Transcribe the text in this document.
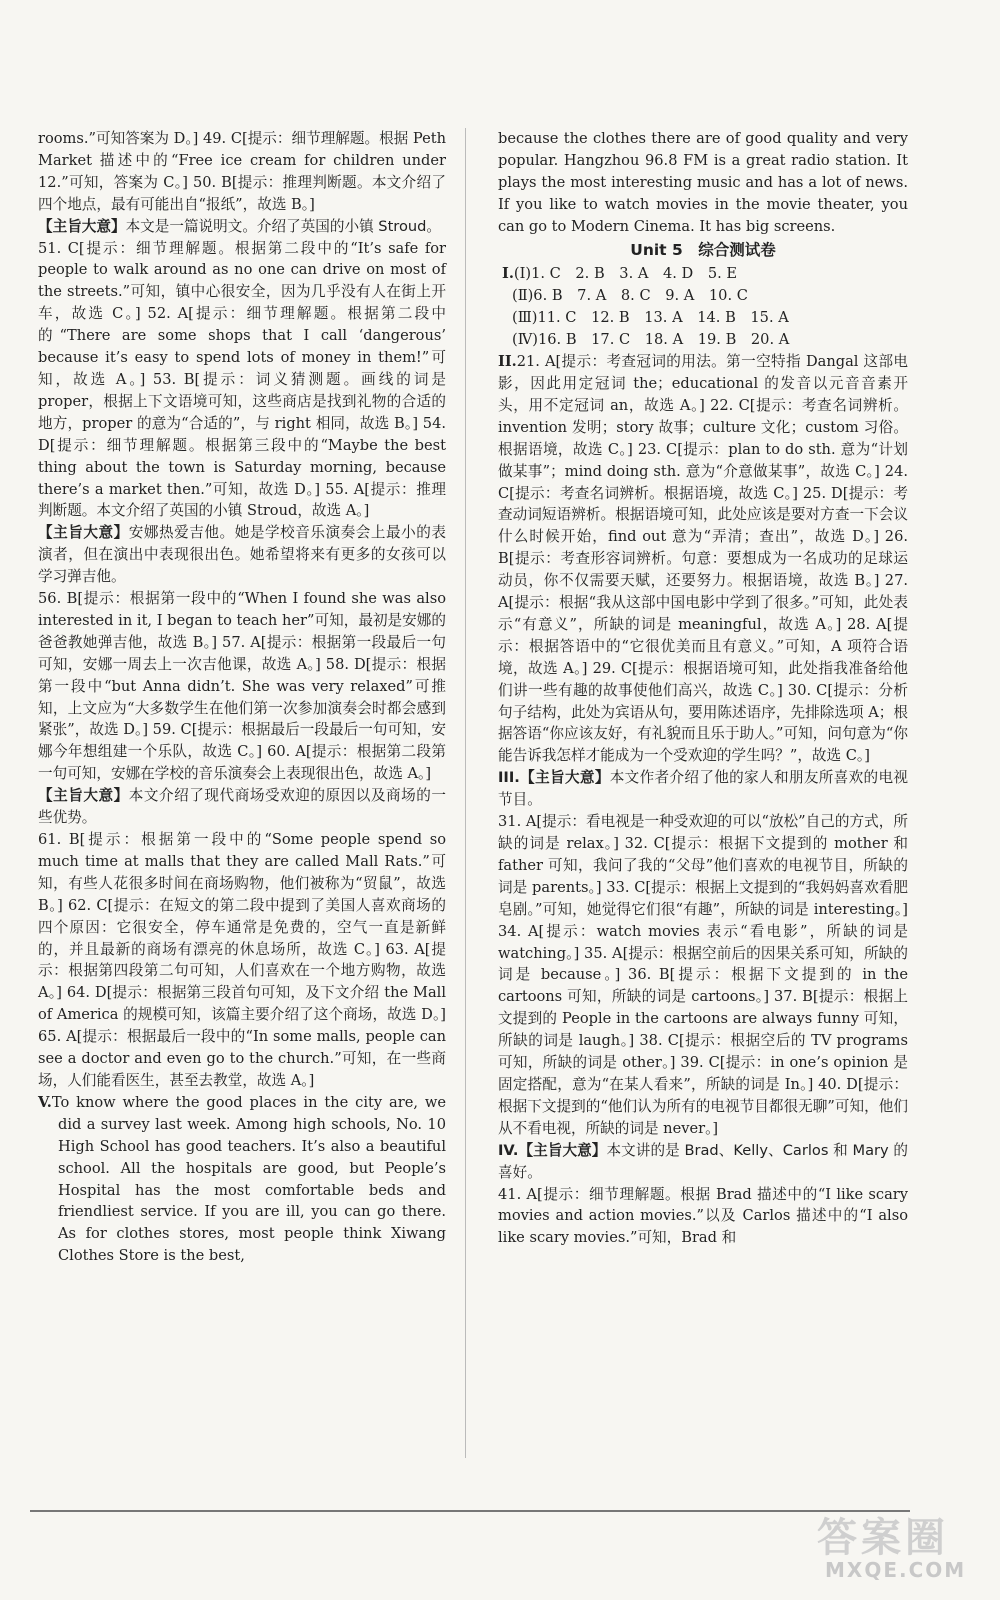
rooms.”可知答案为 D。] 49. C[提示：细节理解题。根据 Peth Market 描述中的“Free ice cream for children under 12.”可知，答案为 C。] 50. B[提示：推理判断题。本文介绍了四个地点，最有可能出自“报纸”，故选 B。]

【主旨大意】本文是一篇说明文。介绍了英国的小镇 Stroud。

51. C[提示：细节理解题。根据第二段中的“It’s safe for people to walk around as no one can drive on most of the streets.”可知，镇中心很安全，因为几乎没有人在街上开车，故选 C。] 52. A[提示：细节理解题。根据第二段中的“There are some shops that I call ‘dangerous’ because it’s easy to spend lots of money in them!”可知，故选 A。] 53. B[提示：词义猜测题。画线的词是 proper，根据上下文语境可知，这些商店是找到礼物的合适的地方，proper 的意为“合适的”，与 right 相同，故选 B。] 54. D[提示：细节理解题。根据第三段中的“Maybe the best thing about the town is Saturday morning, because there’s a market then.”可知，故选 D。] 55. A[提示：推理判断题。本文介绍了英国的小镇 Stroud，故选 A。]

【主旨大意】安娜热爱吉他。她是学校音乐演奏会上最小的表演者，但在演出中表现很出色。她希望将来有更多的女孩可以学习弹吉他。

56. B[提示：根据第一段中的“When I found she was also interested in it, I began to teach her”可知，最初是安娜的爸爸教她弹吉他，故选 B。] 57. A[提示：根据第一段最后一句可知，安娜一周去上一次吉他课，故选 A。] 58. D[提示：根据第一段中“but Anna didn’t. She was very relaxed”可推知，上文应为“大多数学生在他们第一次参加演奏会时都会感到紧张”，故选 D。] 59. C[提示：根据最后一段最后一句可知，安娜今年想组建一个乐队，故选 C。] 60. A[提示：根据第二段第一句可知，安娜在学校的音乐演奏会上表现很出色，故选 A。]

【主旨大意】本文介绍了现代商场受欢迎的原因以及商场的一些优势。

61. B[提示：根据第一段中的“Some people spend so much time at malls that they are called Mall Rats.”可知，有些人花很多时间在商场购物，他们被称为“贸鼠”，故选 B。] 62. C[提示：在短文的第二段中提到了美国人喜欢商场的四个原因：它很安全，停车通常是免费的，空气一直是新鲜的，并且最新的商场有漂亮的休息场所，故选 C。] 63. A[提示：根据第四段第二句可知，人们喜欢在一个地方购物，故选 A。] 64. D[提示：根据第三段首句可知，及下文介绍 the Mall of America 的规模可知，该篇主要介绍了这个商场，故选 D。] 65. A[提示：根据最后一段中的“In some malls, people can see a doctor and even go to the church.”可知，在一些商场，人们能看医生，甚至去教堂，故选 A。]

V.To know where the good places in the city are, we did a survey last week. Among high schools, No. 10 High School has good teachers. It’s also a beautiful school. All the hospitals are good, but People’s Hospital has the most comfortable beds and friendliest service. If you are ill, you can go there. As for clothes stores, most people think Xiwang Clothes Store is the best,

because the clothes there are of good quality and very popular. Hangzhou 96.8 FM is a great radio station. It plays the most interesting music and has a lot of news. If you like to watch movies in the movie theater, you can go to Modern Cinema. It has big screens.

Unit 5　综合测试卷

I.(Ⅰ)1. C　2. B　3. A　4. D　5. E

(Ⅱ)6. B　7. A　8. C　9. A　10. C

(Ⅲ)11. C　12. B　13. A　14. B　15. A

(Ⅳ)16. B　17. C　18. A　19. B　20. A

II.21. A[提示：考查冠词的用法。第一空特指 Dangal 这部电影，因此用定冠词 the；educational 的发音以元音音素开头，用不定冠词 an，故选 A。] 22. C[提示：考查名词辨析。invention 发明；story 故事；culture 文化；custom 习俗。根据语境，故选 C。] 23. C[提示：plan to do sth. 意为“计划做某事”；mind doing sth. 意为“介意做某事”，故选 C。] 24. C[提示：考查名词辨析。根据语境，故选 C。] 25. D[提示：考查动词短语辨析。根据语境可知，此处应该是要对方查一下会议什么时候开始，find out 意为“弄清；查出”，故选 D。] 26. B[提示：考查形容词辨析。句意：要想成为一名成功的足球运动员，你不仅需要天赋，还要努力。根据语境，故选 B。] 27. A[提示：根据“我从这部中国电影中学到了很多。”可知，此处表示“有意义”，所缺的词是 meaningful，故选 A。] 28. A[提示：根据答语中的“它很优美而且有意义。”可知，A 项符合语境，故选 A。] 29. C[提示：根据语境可知，此处指我准备给他们讲一些有趣的故事使他们高兴，故选 C。] 30. C[提示：分析句子结构，此处为宾语从句，要用陈述语序，先排除选项 A；根据答语“你应该友好，有礼貌而且乐于助人。”可知，问句意为“你能告诉我怎样才能成为一个受欢迎的学生吗？”，故选 C。]

III.【主旨大意】本文作者介绍了他的家人和朋友所喜欢的电视节目。

31. A[提示：看电视是一种受欢迎的可以“放松”自己的方式，所缺的词是 relax。] 32. C[提示：根据下文提到的 mother 和 father 可知，我问了我的“父母”他们喜欢的电视节目，所缺的词是 parents。] 33. C[提示：根据上文提到的“我妈妈喜欢看肥皂剧。”可知，她觉得它们很“有趣”，所缺的词是 interesting。] 34. A[提示：watch movies 表示“看电影”，所缺的词是 watching。] 35. A[提示：根据空前后的因果关系可知，所缺的词是 because。] 36. B[提示：根据下文提到的 in the cartoons 可知，所缺的词是 cartoons。] 37. B[提示：根据上文提到的 People in the cartoons are always funny 可知，所缺的词是 laugh。] 38. C[提示：根据空后的 TV programs 可知，所缺的词是 other。] 39. C[提示：in one’s opinion 是固定搭配，意为“在某人看来”，所缺的词是 In。] 40. D[提示：根据下文提到的“他们认为所有的电视节目都很无聊”可知，他们从不看电视，所缺的词是 never。]

IV.【主旨大意】本文讲的是 Brad、Kelly、Carlos 和 Mary 的喜好。

41. A[提示：细节理解题。根据 Brad 描述中的“I like scary movies and action movies.”以及 Carlos 描述中的“I also like scary movies.”可知，Brad 和

答案圈
MXQE.COM
